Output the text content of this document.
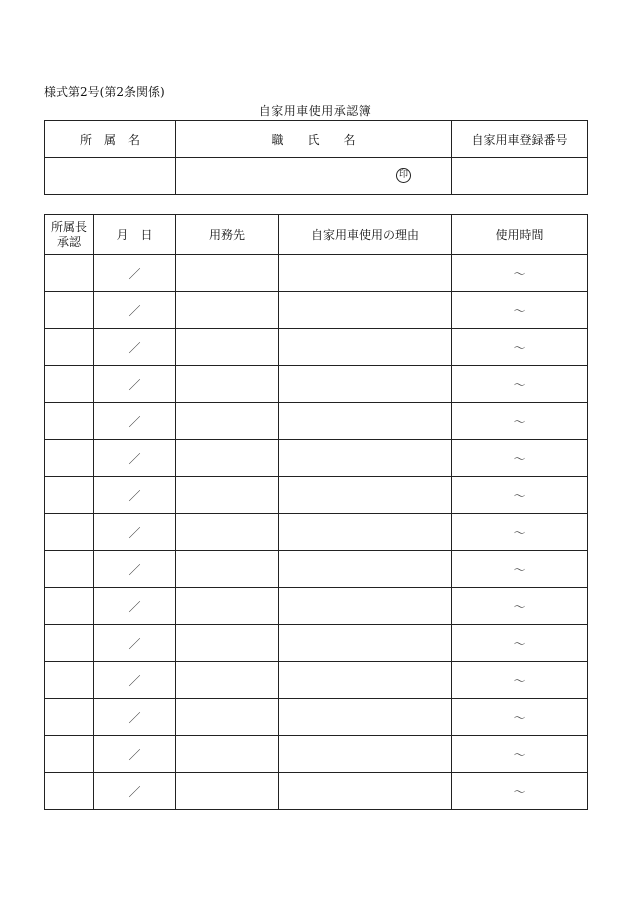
様式第2号(第2条関係)
自家用車使用承認簿
所　属　名	職　　氏　　名	自家用車登録番号

	印	

所属長
承認	月　日	用務先	自家用車使用の理由	使用時間
	／			～
	／			～
	／			～
	／			～
	／			～
	／			～
	／			～
	／			～
	／			～
	／			～
	／			～
	／			～
	／			～
	／			～
	／			～
